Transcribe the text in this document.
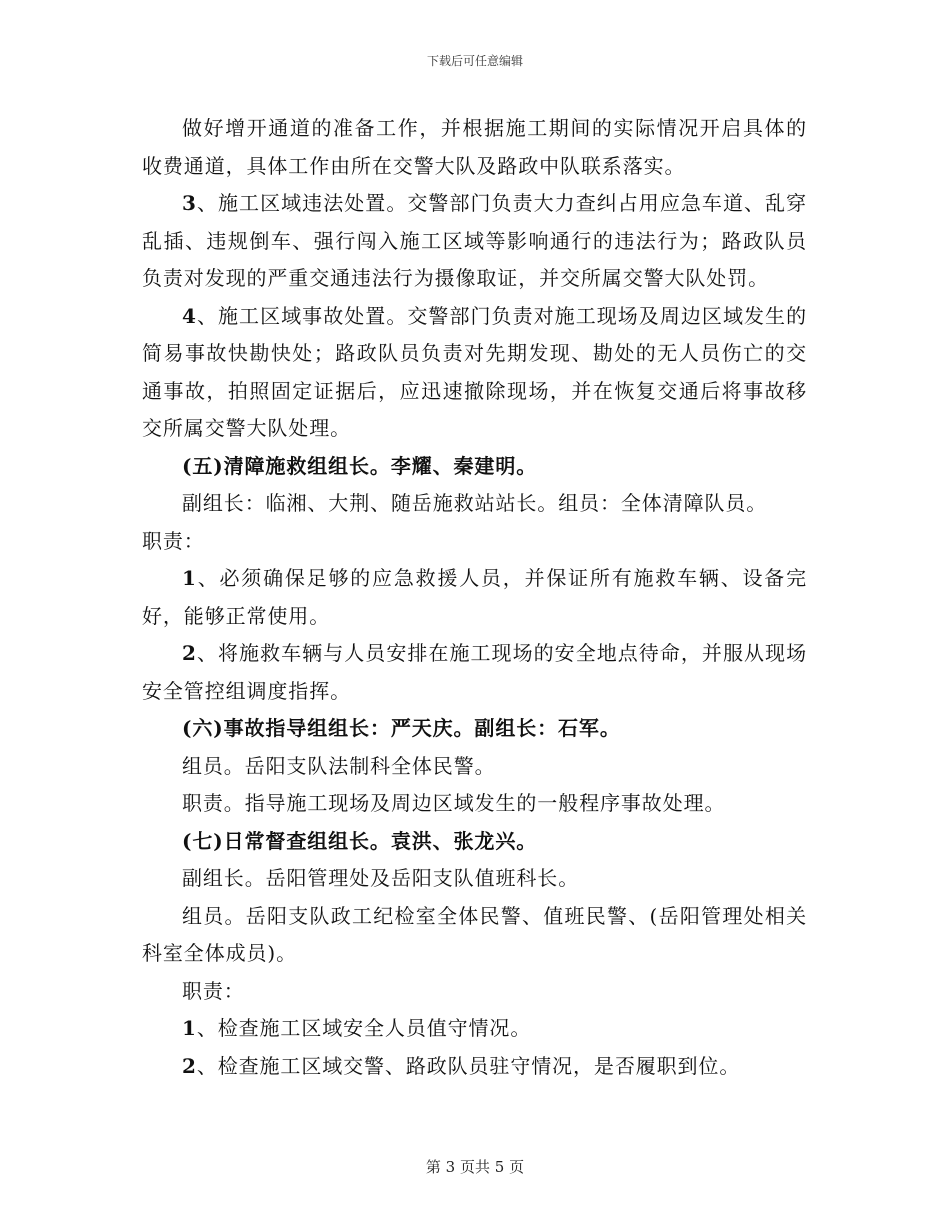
下载后可任意编辑

做好增开通道的准备工作，并根据施工期间的实际情况开启具体的收费通道，具体工作由所在交警大队及路政中队联系落实。

3、施工区域违法处置。交警部门负责大力查纠占用应急车道、乱穿乱插、违规倒车、强行闯入施工区域等影响通行的违法行为；路政队员负责对发现的严重交通违法行为摄像取证，并交所属交警大队处罚。

4、施工区域事故处置。交警部门负责对施工现场及周边区域发生的简易事故快勘快处；路政队员负责对先期发现、勘处的无人员伤亡的交通事故，拍照固定证据后，应迅速撤除现场，并在恢复交通后将事故移交所属交警大队处理。

(五)清障施救组组长。李耀、秦建明。

副组长：临湘、大荆、随岳施救站站长。组员：全体清障队员。

职责：

1、必须确保足够的应急救援人员，并保证所有施救车辆、设备完好，能够正常使用。

2、将施救车辆与人员安排在施工现场的安全地点待命，并服从现场安全管控组调度指挥。

(六)事故指导组组长：严天庆。副组长：石军。

组员。岳阳支队法制科全体民警。

职责。指导施工现场及周边区域发生的一般程序事故处理。

(七)日常督查组组长。袁洪、张龙兴。

副组长。岳阳管理处及岳阳支队值班科长。

组员。岳阳支队政工纪检室全体民警、值班民警、(岳阳管理处相关科室全体成员)。

职责：

1、检查施工区域安全人员值守情况。

2、检查施工区域交警、路政队员驻守情况，是否履职到位。

第 3 页共 5 页
